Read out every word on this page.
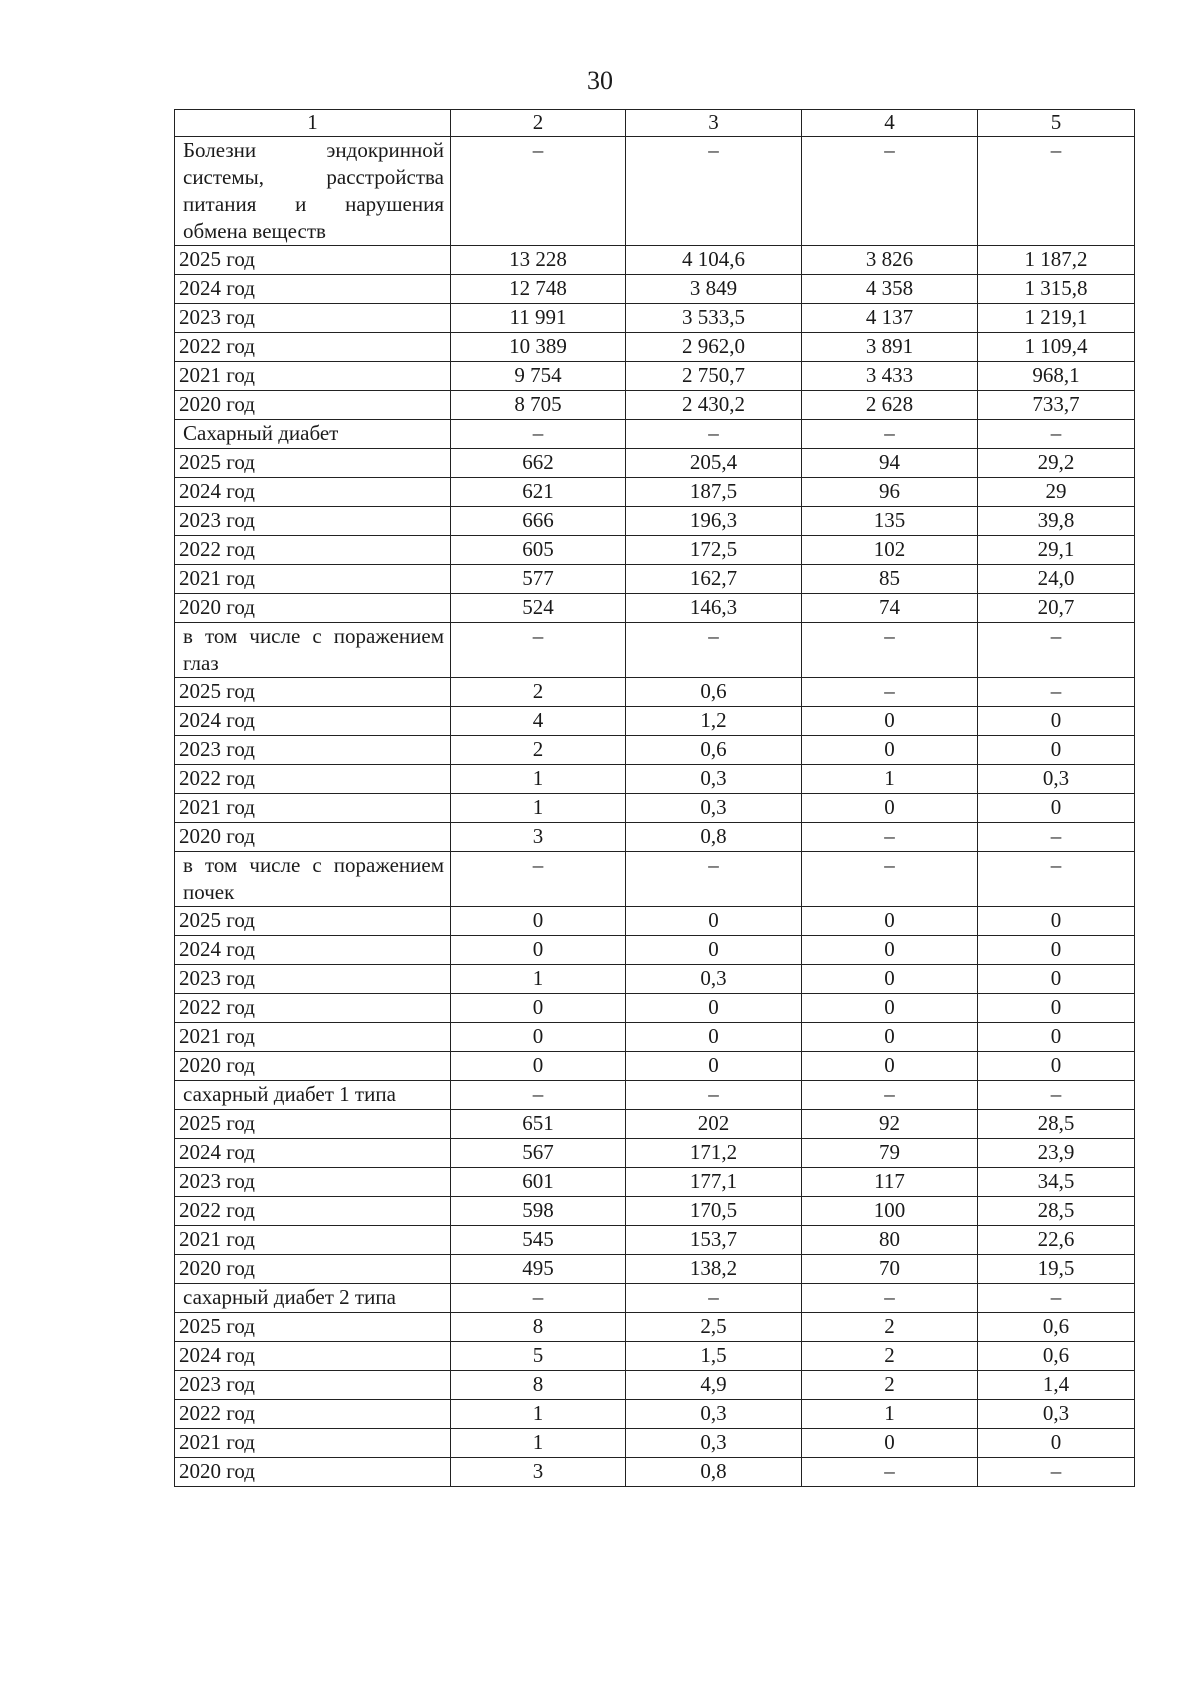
30
1	2	3	4	5
Болезни эндокринной системы, расстройства питания и нарушения обмена веществ	–	–	–	–
2025 год	13 228	4 104,6	3 826	1 187,2
2024 год	12 748	3 849	4 358	1 315,8
2023 год	11 991	3 533,5	4 137	1 219,1
2022 год	10 389	2 962,0	3 891	1 109,4
2021 год	9 754	2 750,7	3 433	968,1
2020 год	8 705	2 430,2	2 628	733,7
Сахарный диабет	–	–	–	–
2025 год	662	205,4	94	29,2
2024 год	621	187,5	96	29
2023 год	666	196,3	135	39,8
2022 год	605	172,5	102	29,1
2021 год	577	162,7	85	24,0
2020 год	524	146,3	74	20,7
в том числе с поражением глаз	–	–	–	–
2025 год	2	0,6	–	–
2024 год	4	1,2	0	0
2023 год	2	0,6	0	0
2022 год	1	0,3	1	0,3
2021 год	1	0,3	0	0
2020 год	3	0,8	–	–
в том числе с поражением почек	–	–	–	–
2025 год	0	0	0	0
2024 год	0	0	0	0
2023 год	1	0,3	0	0
2022 год	0	0	0	0
2021 год	0	0	0	0
2020 год	0	0	0	0
сахарный диабет 1 типа	–	–	–	–
2025 год	651	202	92	28,5
2024 год	567	171,2	79	23,9
2023 год	601	177,1	117	34,5
2022 год	598	170,5	100	28,5
2021 год	545	153,7	80	22,6
2020 год	495	138,2	70	19,5
сахарный диабет 2 типа	–	–	–	–
2025 год	8	2,5	2	0,6
2024 год	5	1,5	2	0,6
2023 год	8	4,9	2	1,4
2022 год	1	0,3	1	0,3
2021 год	1	0,3	0	0
2020 год	3	0,8	–	–
